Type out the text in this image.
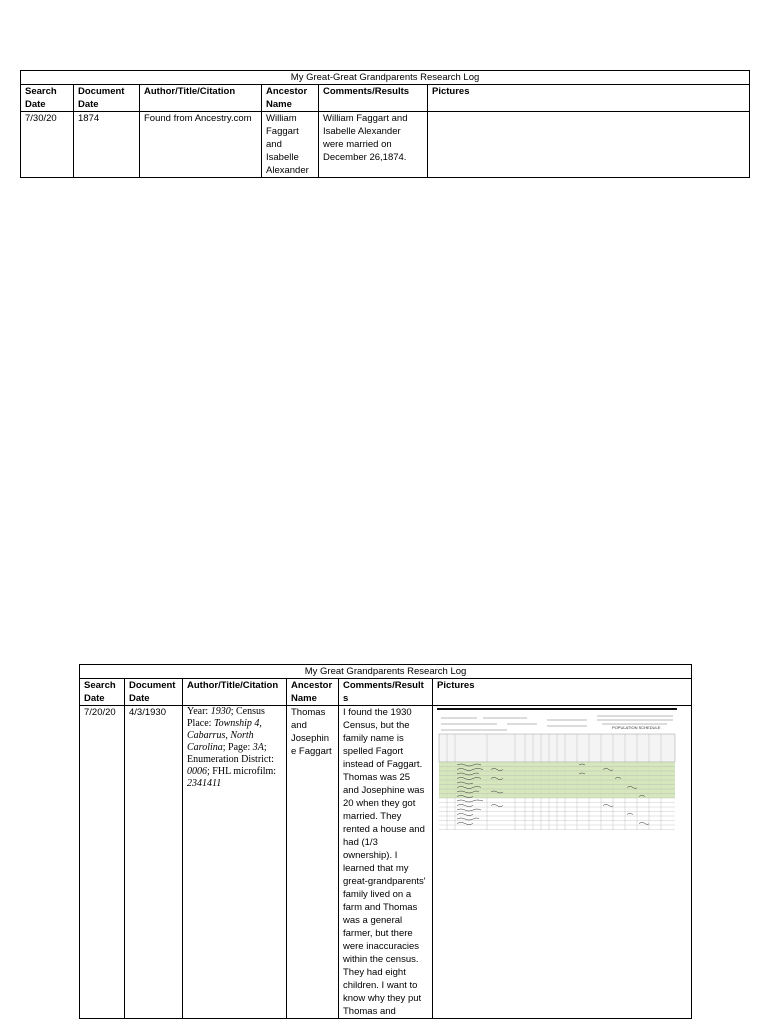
My Great-Great Grandparents Research Log					
Search Date	Document Date	Author/Title/Citation	Ancestor Name	Comments/Results	Pictures
7/30/20	1874	Found from Ancestry.com	William Faggart and Isabelle Alexander	William Faggart and Isabelle Alexander were married on December 26,1874.	
My Great Grandparents Research Log					
Search Date	Document Date	Author/Title/Citation	Ancestor Name	Comments/Results	Pictures
7/20/20	4/3/1930	Year: 1930; Census Place: Township 4, Cabarrus, North Carolina; Page: 3A; Enumeration District: 0006; FHL microfilm: 2341411	Thomas and Josephine Faggart	I found the 1930 Census, but the family name is spelled Fagort instead of Faggart. Thomas was 25 and Josephine was 20 when they got married. They rented a house and had (1/3 ownership). I learned that my great-grandparents' family lived on a farm and Thomas was a general farmer, but there were inaccuracies within the census. They had eight children. I want to know why they put Thomas and	POPULATION SCHEDULE
